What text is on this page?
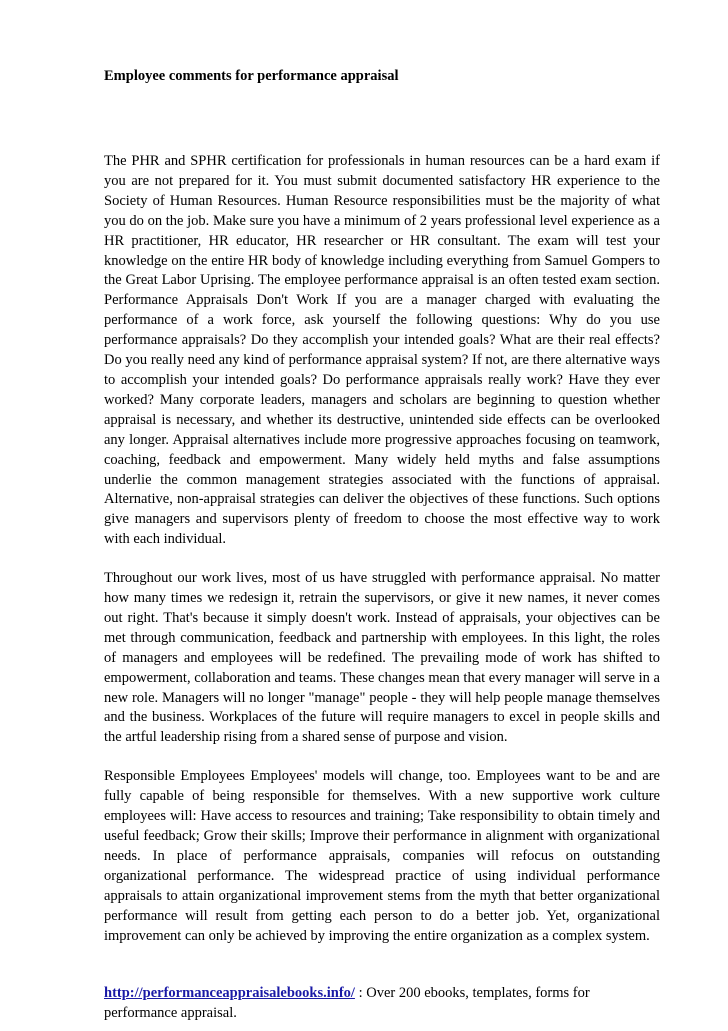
Employee comments for performance appraisal

The PHR and SPHR certification for professionals in human resources can be a hard exam if you are not prepared for it. You must submit documented satisfactory HR experience to the Society of Human Resources. Human Resource responsibilities must be the majority of what you do on the job. Make sure you have a minimum of 2 years professional level experience as a HR practitioner, HR educator, HR researcher or HR consultant. The exam will test your knowledge on the entire HR body of knowledge including everything from Samuel Gompers to the Great Labor Uprising. The employee performance appraisal is an often tested exam section. Performance Appraisals Don't Work If you are a manager charged with evaluating the performance of a work force, ask yourself the following questions: Why do you use performance appraisals? Do they accomplish your intended goals? What are their real effects? Do you really need any kind of performance appraisal system? If not, are there alternative ways to accomplish your intended goals? Do performance appraisals really work? Have they ever worked? Many corporate leaders, managers and scholars are beginning to question whether appraisal is necessary, and whether its destructive, unintended side effects can be overlooked any longer. Appraisal alternatives include more progressive approaches focusing on teamwork, coaching, feedback and empowerment. Many widely held myths and false assumptions underlie the common management strategies associated with the functions of appraisal. Alternative, non-appraisal strategies can deliver the objectives of these functions. Such options give managers and supervisors plenty of freedom to choose the most effective way to work with each individual.

Throughout our work lives, most of us have struggled with performance appraisal. No matter how many times we redesign it, retrain the supervisors, or give it new names, it never comes out right. That's because it simply doesn't work. Instead of appraisals, your objectives can be met through communication, feedback and partnership with employees. In this light, the roles of managers and employees will be redefined. The prevailing mode of work has shifted to empowerment, collaboration and teams. These changes mean that every manager will serve in a new role. Managers will no longer "manage" people - they will help people manage themselves and the business. Workplaces of the future will require managers to excel in people skills and the artful leadership rising from a shared sense of purpose and vision.

Responsible Employees Employees' models will change, too. Employees want to be and are fully capable of being responsible for themselves. With a new supportive work culture employees will: Have access to resources and training; Take responsibility to obtain timely and useful feedback; Grow their skills; Improve their performance in alignment with organizational needs. In place of performance appraisals, companies will refocus on outstanding organizational performance. The widespread practice of using individual performance appraisals to attain organizational improvement stems from the myth that better organizational performance will result from getting each person to do a better job. Yet, organizational improvement can only be achieved by improving the entire organization as a complex system.

http://performanceappraisalebooks.info/ : Over 200 ebooks, templates, forms for performance appraisal.
